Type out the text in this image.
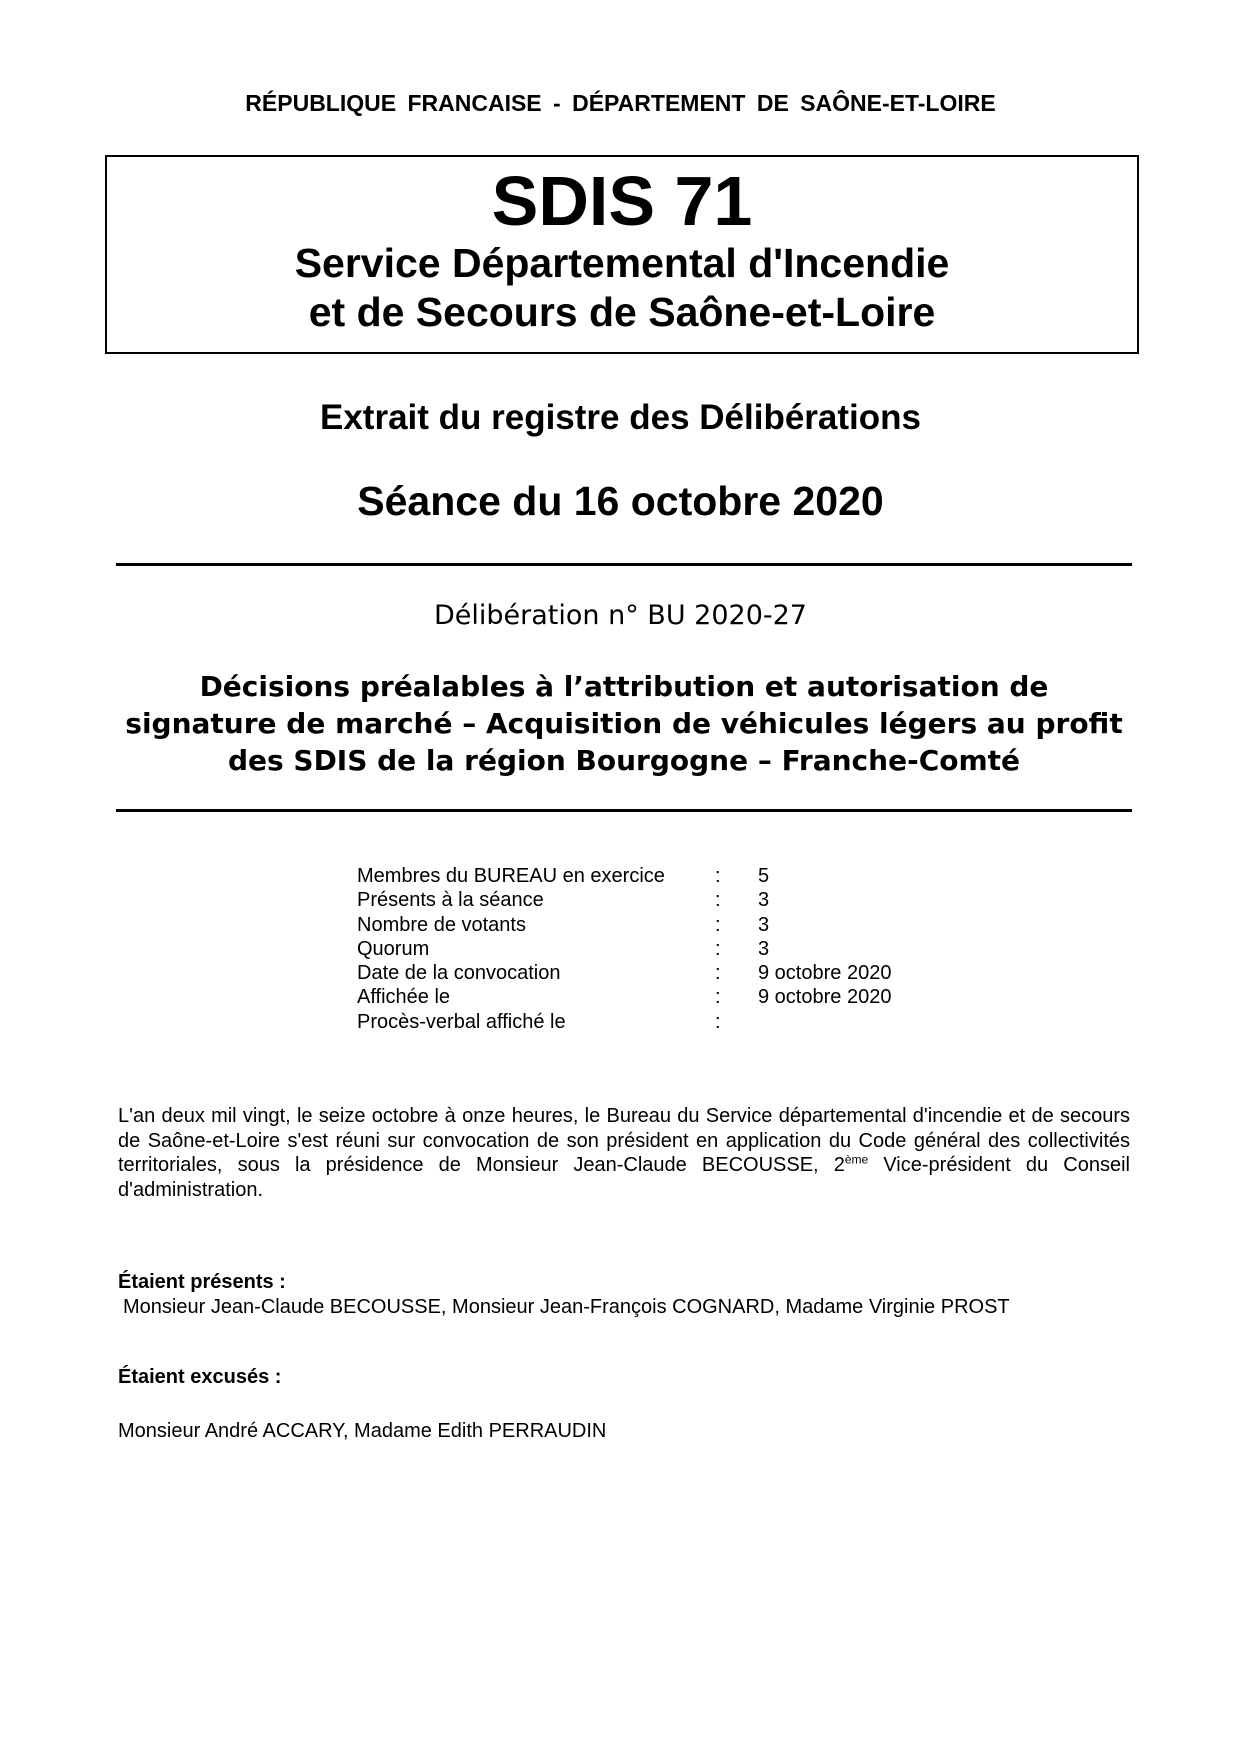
RÉPUBLIQUE FRANCAISE - DÉPARTEMENT DE SAÔNE-ET-LOIRE
SDIS 71
Service Départemental d'Incendie
et de Secours de Saône-et-Loire
Extrait du registre des Délibérations
Séance du 16 octobre 2020
Délibération n° BU 2020-27
Décisions préalables à l’attribution et autorisation de signature de marché – Acquisition de véhicules légers au profit des SDIS de la région Bourgogne – Franche-Comté
Membres du BUREAU en exercice	:	5
Présents à la séance	:	3
Nombre de votants	:	3
Quorum	:	3
Date de la convocation	:	9 octobre 2020
Affichée le	:	9 octobre 2020
Procès-verbal affiché le	:
L'an deux mil vingt, le seize octobre à onze heures, le Bureau du Service départemental d'incendie et de secours de Saône-et-Loire s'est réuni sur convocation de son président en application du Code général des collectivités territoriales, sous la présidence de Monsieur Jean-Claude BECOUSSE, 2ème Vice-président du Conseil d'administration.
Étaient présents :
Monsieur Jean-Claude BECOUSSE, Monsieur Jean-François COGNARD, Madame Virginie PROST
Étaient excusés :
Monsieur André ACCARY, Madame Edith PERRAUDIN
